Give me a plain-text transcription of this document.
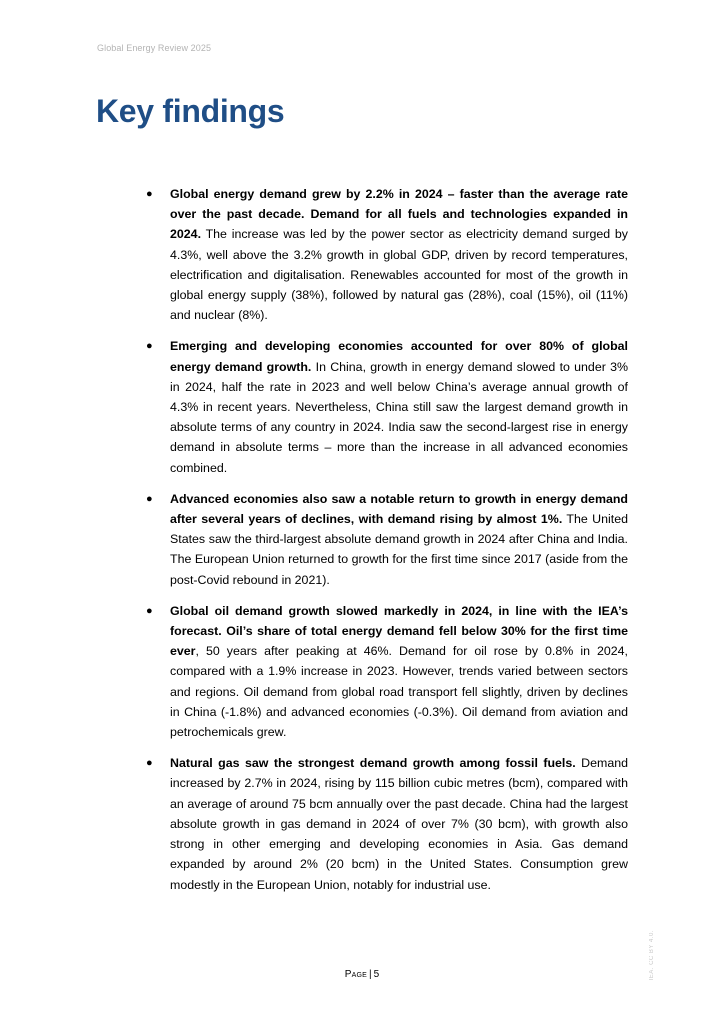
Global Energy Review 2025
Key findings
● Global energy demand grew by 2.2% in 2024 – faster than the average rate over the past decade. Demand for all fuels and technologies expanded in 2024. The increase was led by the power sector as electricity demand surged by 4.3%, well above the 3.2% growth in global GDP, driven by record temperatures, electrification and digitalisation. Renewables accounted for most of the growth in global energy supply (38%), followed by natural gas (28%), coal (15%), oil (11%) and nuclear (8%).
● Emerging and developing economies accounted for over 80% of global energy demand growth. In China, growth in energy demand slowed to under 3% in 2024, half the rate in 2023 and well below China’s average annual growth of 4.3% in recent years. Nevertheless, China still saw the largest demand growth in absolute terms of any country in 2024. India saw the second-largest rise in energy demand in absolute terms – more than the increase in all advanced economies combined.
● Advanced economies also saw a notable return to growth in energy demand after several years of declines, with demand rising by almost 1%. The United States saw the third-largest absolute demand growth in 2024 after China and India. The European Union returned to growth for the first time since 2017 (aside from the post-Covid rebound in 2021).
● Global oil demand growth slowed markedly in 2024, in line with the IEA’s forecast. Oil’s share of total energy demand fell below 30% for the first time ever, 50 years after peaking at 46%. Demand for oil rose by 0.8% in 2024, compared with a 1.9% increase in 2023. However, trends varied between sectors and regions. Oil demand from global road transport fell slightly, driven by declines in China (-1.8%) and advanced economies (-0.3%). Oil demand from aviation and petrochemicals grew.
● Natural gas saw the strongest demand growth among fossil fuels. Demand increased by 2.7% in 2024, rising by 115 billion cubic metres (bcm), compared with an average of around 75 bcm annually over the past decade. China had the largest absolute growth in gas demand in 2024 of over 7% (30 bcm), with growth also strong in other emerging and developing economies in Asia. Gas demand expanded by around 2% (20 bcm) in the United States. Consumption grew modestly in the European Union, notably for industrial use.
IEA. CC BY 4.0.
Page | 5
